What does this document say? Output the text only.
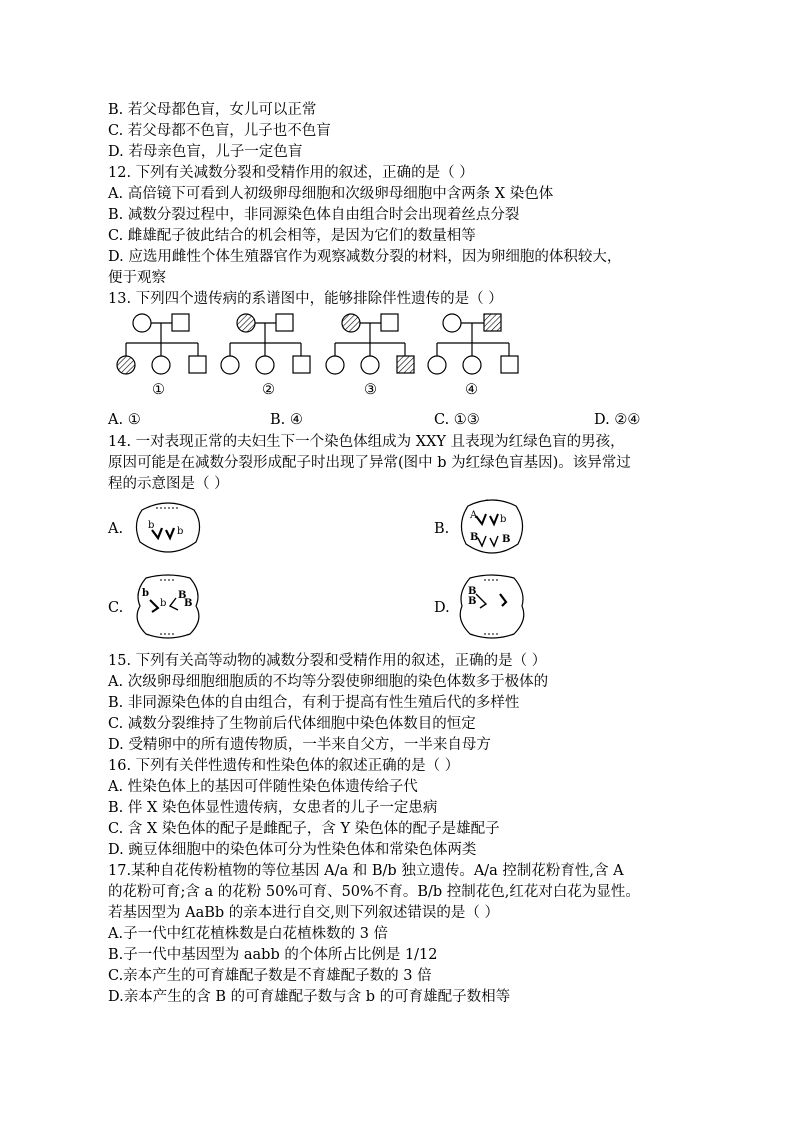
B. 若父母都色盲，女儿可以正常
C. 若父母都不色盲，儿子也不色盲
D. 若母亲色盲，儿子一定色盲
12. 下列有关减数分裂和受精作用的叙述，正确的是（ ）
A. 高倍镜下可看到人初级卵母细胞和次级卵母细胞中含两条 X 染色体
B. 减数分裂过程中，非同源染色体自由组合时会出现着丝点分裂
C. 雌雄配子彼此结合的机会相等，是因为它们的数量相等
D. 应选用雌性个体生殖器官作为观察减数分裂的材料，因为卵细胞的体积较大，
便于观察
13. 下列四个遗传病的系谱图中，能够排除伴性遗传的是（ ）
①	②	③	④
A. ①	B. ④	C. ①③	D. ②④
14. 一对表现正常的夫妇生下一个染色体组成为 XXY 且表现为红绿色盲的男孩，
原因可能是在减数分裂形成配子时出现了异常(图中 b 为红绿色盲基因)。该异常过
程的示意图是（ ）
A. b
b	B.
A b
B B
C.
b
b
B
B	D.
B
B
15. 下列有关高等动物的减数分裂和受精作用的叙述，正确的是（ ）
A. 次级卵母细胞细胞质的不均等分裂使卵细胞的染色体数多于极体的
B. 非同源染色体的自由组合，有利于提高有性生殖后代的多样性
C. 减数分裂维持了生物前后代体细胞中染色体数目的恒定
D. 受精卵中的所有遗传物质，一半来自父方，一半来自母方
16. 下列有关伴性遗传和性染色体的叙述正确的是（ ）
A. 性染色体上的基因可伴随性染色体遗传给子代
B. 伴 X 染色体显性遗传病，女患者的儿子一定患病
C. 含 X 染色体的配子是雌配子，含 Y 染色体的配子是雄配子
D. 豌豆体细胞中的染色体可分为性染色体和常染色体两类
17.某种自花传粉植物的等位基因 A/a 和 B/b 独立遗传。A/a 控制花粉育性,含 A
的花粉可育;含 a 的花粉 50%可育、50%不育。B/b 控制花色,红花对白花为显性。
若基因型为 AaBb 的亲本进行自交,则下列叙述错误的是（ ）
A.子一代中红花植株数是白花植株数的 3 倍
B.子一代中基因型为 aabb 的个体所占比例是 1/12
C.亲本产生的可育雄配子数是不育雄配子数的 3 倍
D.亲本产生的含 B 的可育雄配子数与含 b 的可育雄配子数相等
